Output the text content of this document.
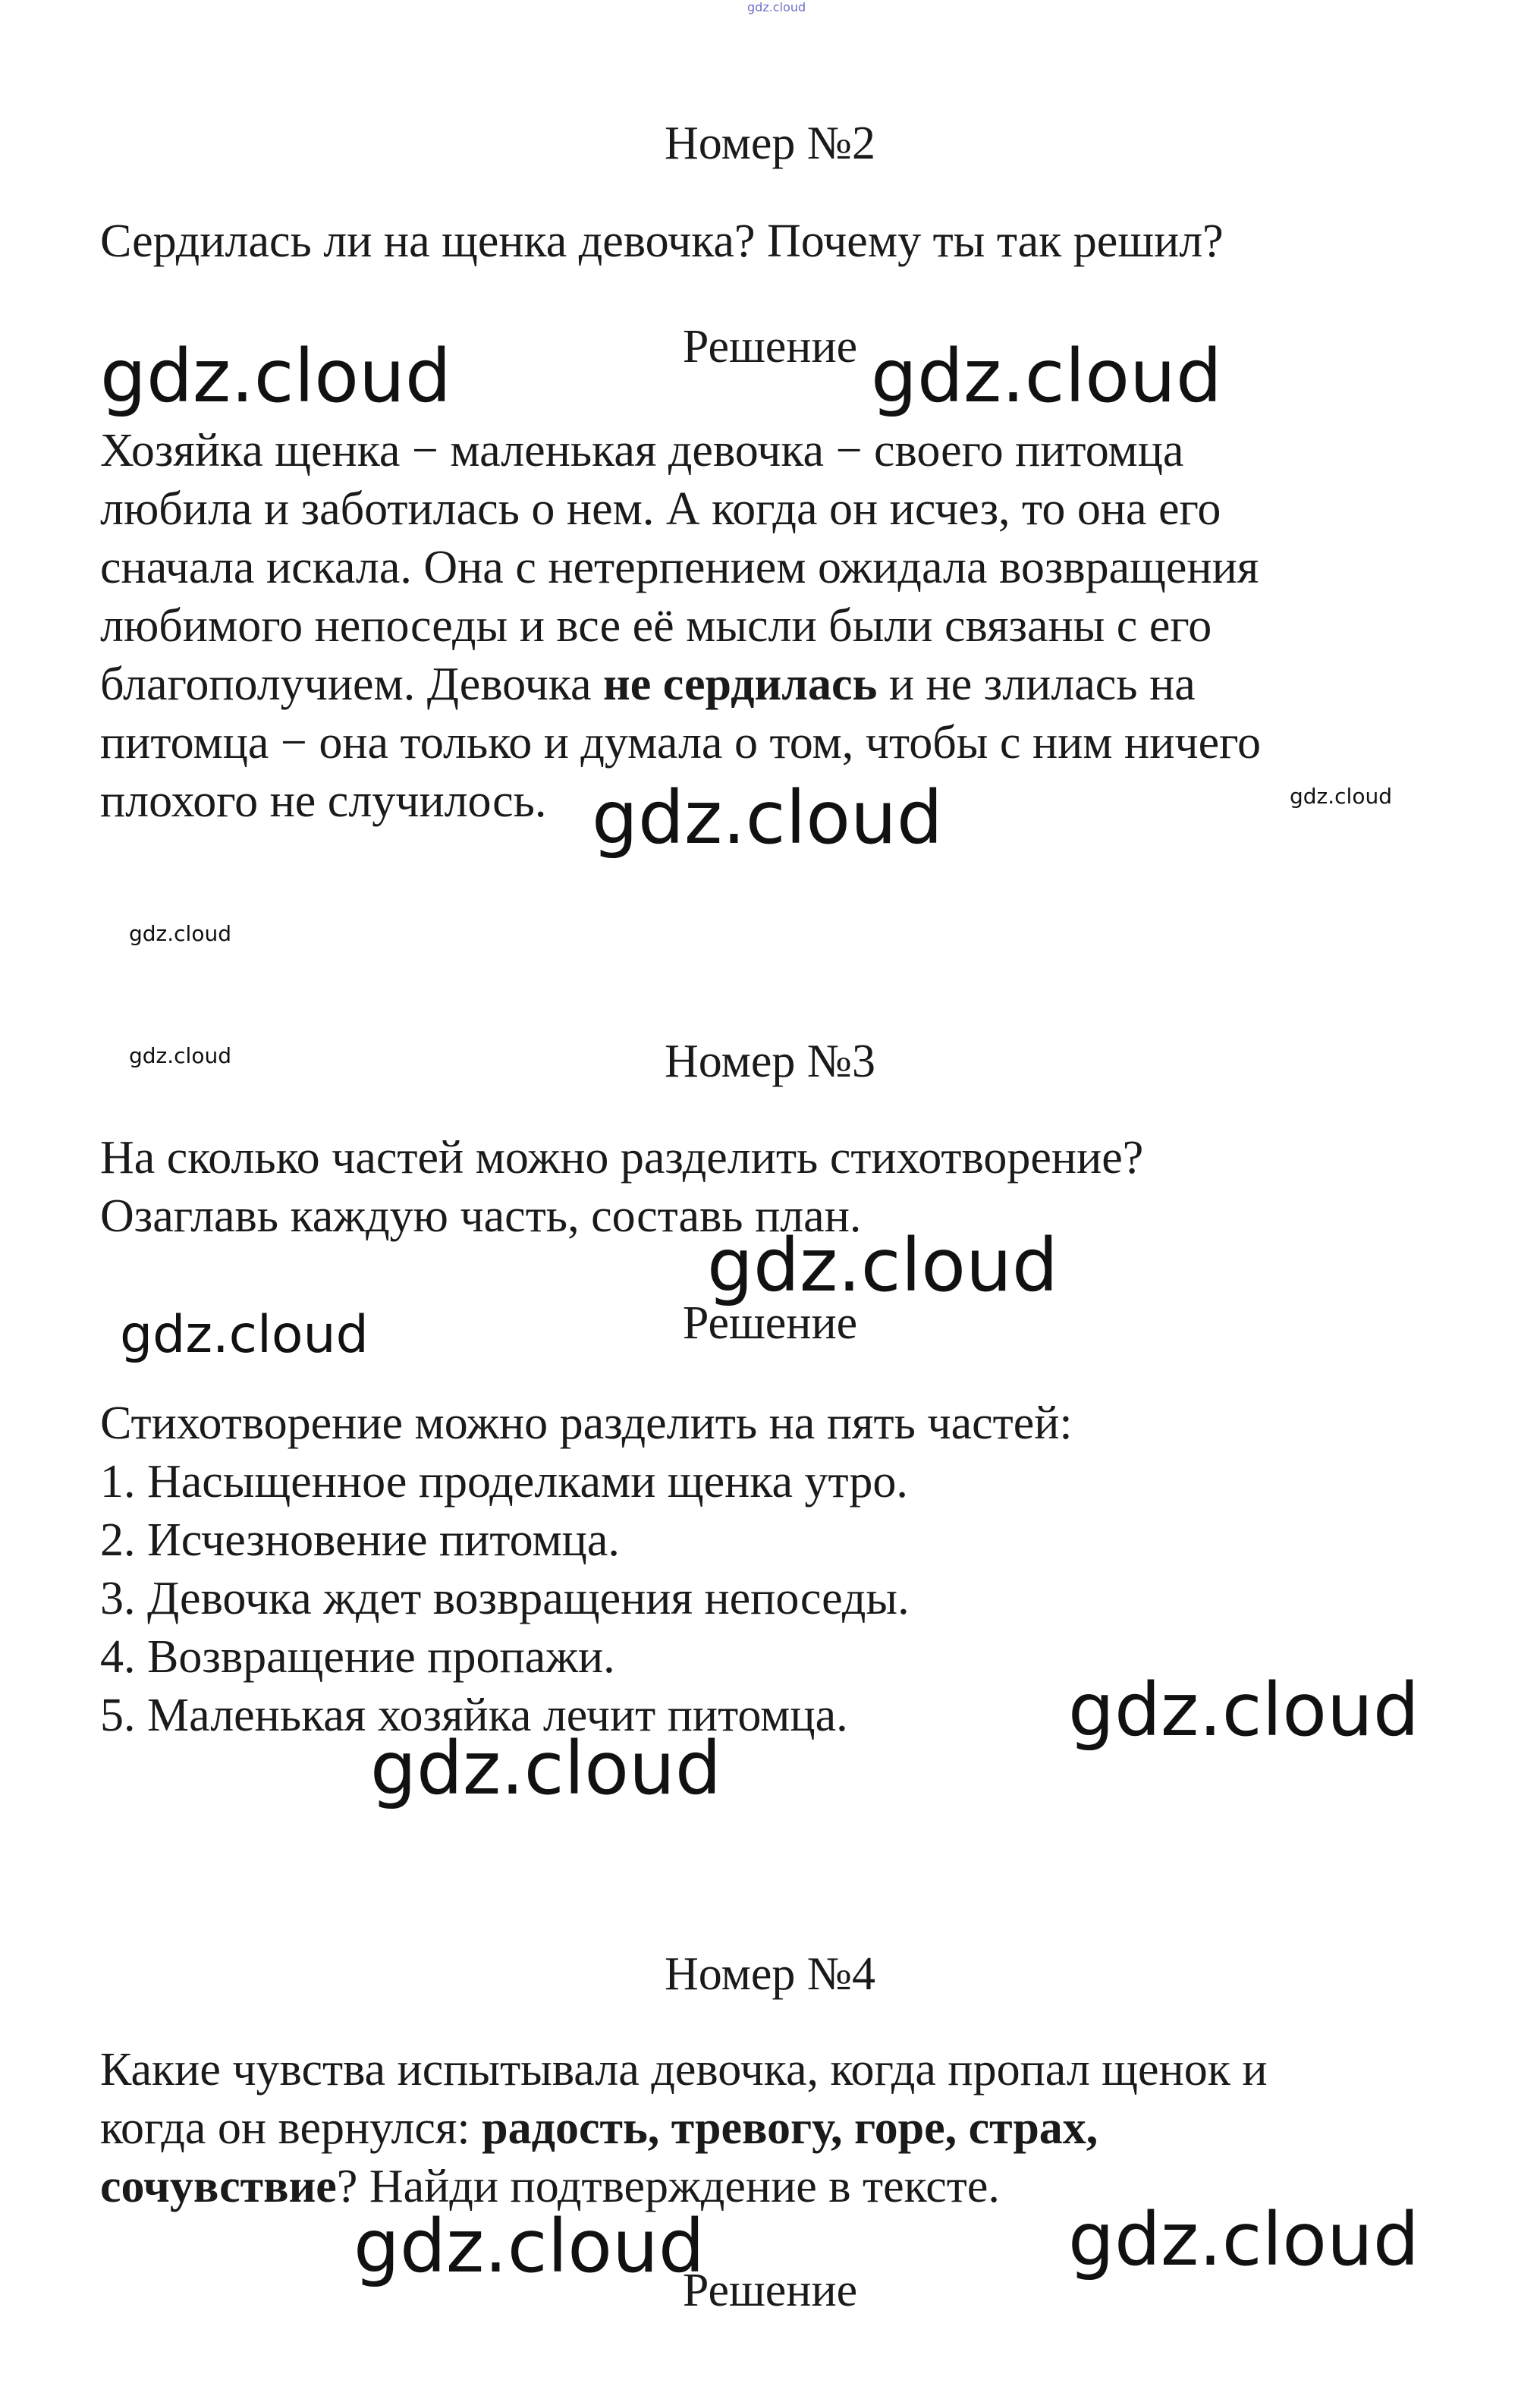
gdz.cloud
Номер №2
Сердилась ли на щенка девочка? Почему ты так решил?
Решение
Хозяйка щенка − маленькая девочка − своего питомца
любила и заботилась о нем. А когда он исчез, то она его
сначала искала. Она с нетерпением ожидала возвращения
любимого непоседы и все её мысли были связаны с его
благополучием. Девочка не сердилась и не злилась на
питомца − она только и думала о том, чтобы с ним ничего
плохого не случилось.
Номер №3
На сколько частей можно разделить стихотворение?
Озаглавь каждую часть, составь план.
Решение
Стихотворение можно разделить на пять частей:
1. Насыщенное проделками щенка утро.
2. Исчезновение питомца.
3. Девочка ждет возвращения непоседы.
4. Возвращение пропажи.
5. Маленькая хозяйка лечит питомца.
Номер №4
Какие чувства испытывала девочка, когда пропал щенок и
когда он вернулся: радость, тревогу, горе, страх,
сочувствие? Найди подтверждение в тексте.
Решение
gdz.cloud	gdz.cloud
gdz.cloud	gdz.cloud
gdz.cloud
gdz.cloud
gdz.cloud
gdz.cloud
gdz.cloud
gdz.cloud
gdz.cloud	gdz.cloud
